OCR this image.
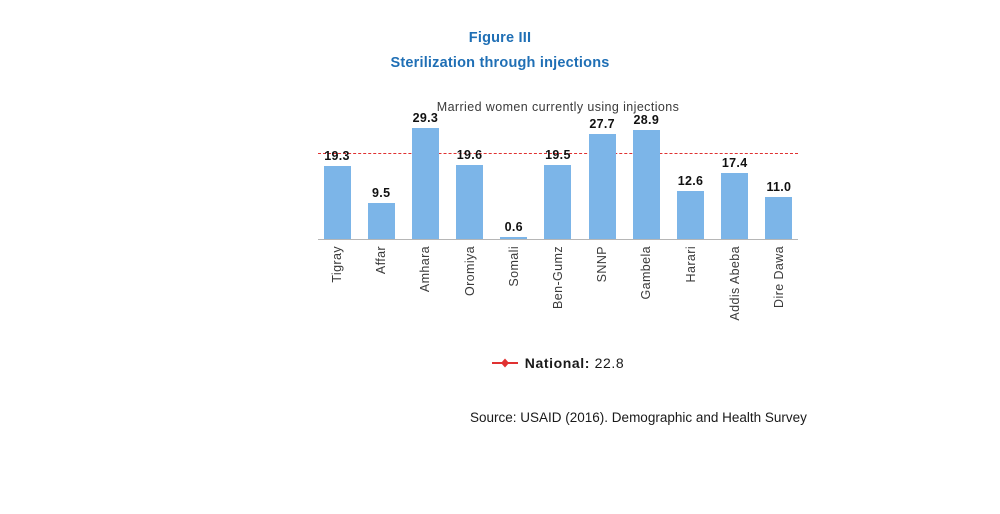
Figure III
Sterilization through injections
Married women currently using injections
19.3
9.5
29.3
19.6
0.6
19.5
27.7	28.9
12.6
17.4
11.0
Tigray Affar Amhara Oromiya Somali Ben-Gumz SNNP Gambela Harari Addis Abeba Dire Dawa
National: 22.8
Source: USAID (2016). Demographic and Health Survey
